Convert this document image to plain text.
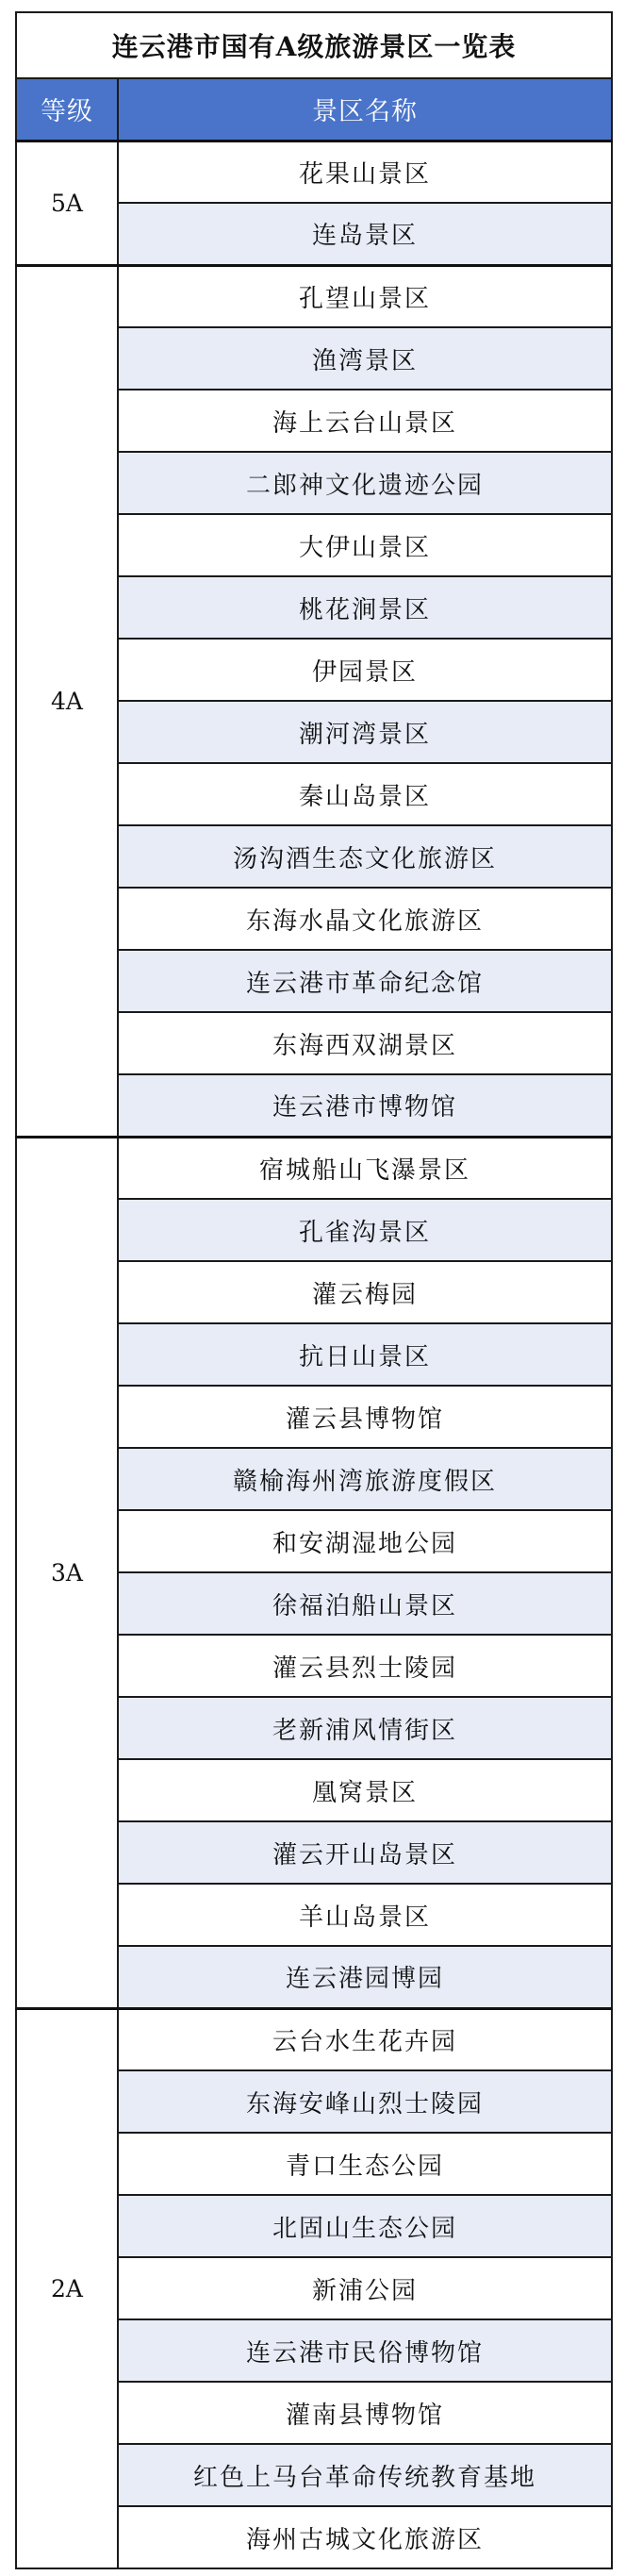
连云港市国有A级旅游景区一览表	
等级	景区名称
5A	花果山景区
	连岛景区
4A	孔望山景区
	渔湾景区
	海上云台山景区
	二郎神文化遗迹公园
	大伊山景区
	桃花涧景区
	伊园景区
	潮河湾景区
	秦山岛景区
	汤沟酒生态文化旅游区
	东海水晶文化旅游区
	连云港市革命纪念馆
	东海西双湖景区
	连云港市博物馆
3A	宿城船山飞瀑景区
	孔雀沟景区
	灌云梅园
	抗日山景区
	灌云县博物馆
	赣榆海州湾旅游度假区
	和安湖湿地公园
	徐福泊船山景区
	灌云县烈士陵园
	老新浦风情街区
	凰窝景区
	灌云开山岛景区
	羊山岛景区
	连云港园博园
2A	云台水生花卉园
	东海安峰山烈士陵园
	青口生态公园
	北固山生态公园
	新浦公园
	连云港市民俗博物馆
	灌南县博物馆
	红色上马台革命传统教育基地
	海州古城文化旅游区
